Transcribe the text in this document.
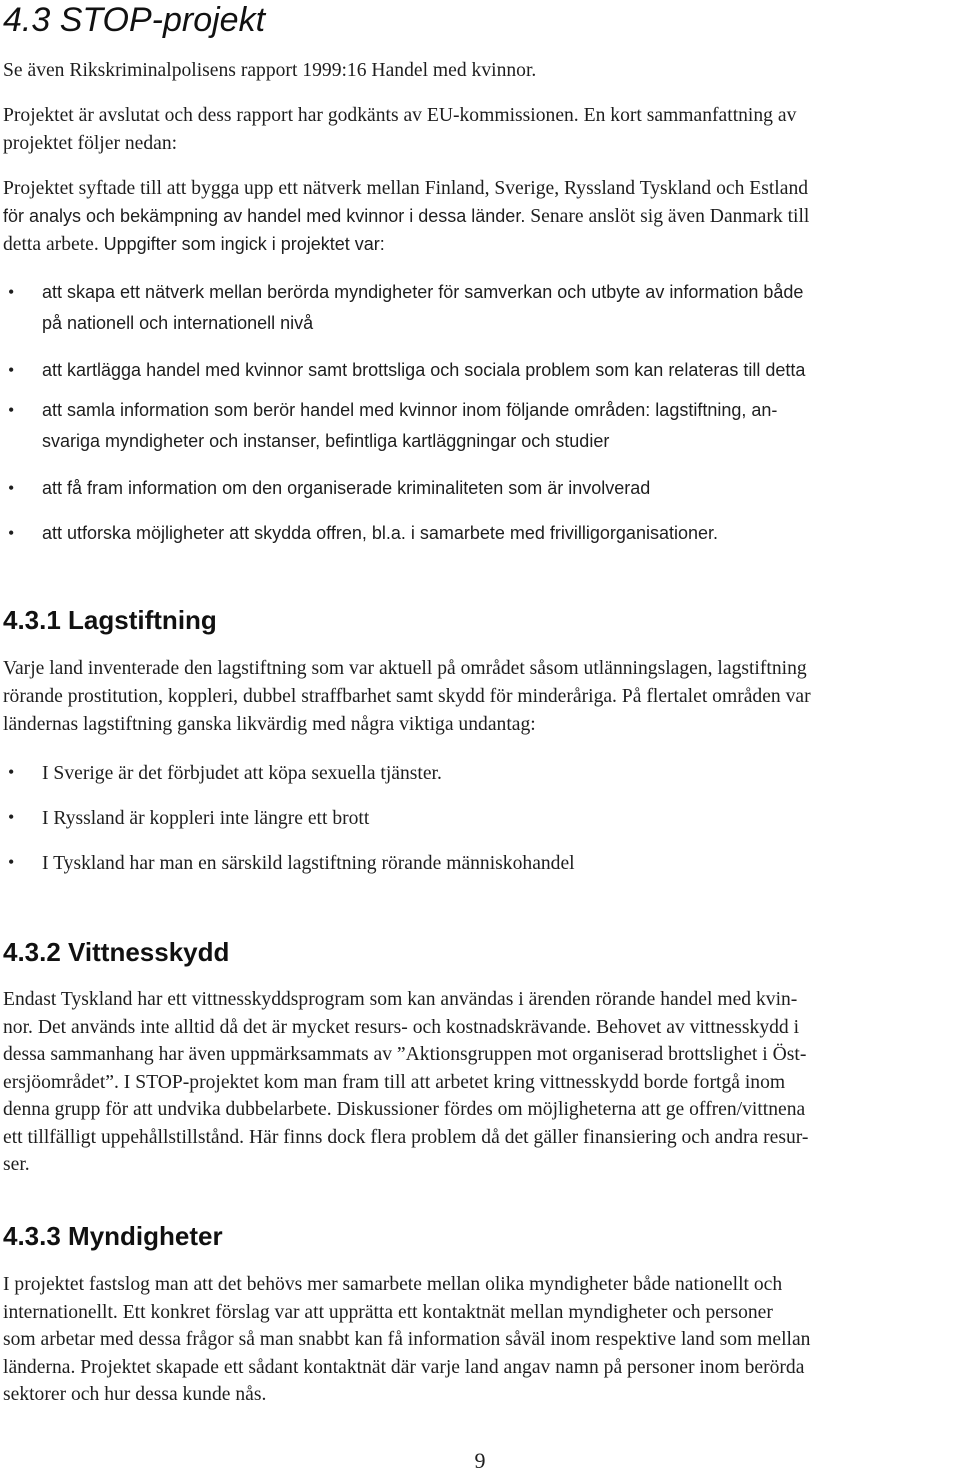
4.3 STOP-projekt
Se även Rikskriminalpolisens rapport 1999:16 Handel med kvinnor.
Projektet är avslutat och dess rapport har godkänts av EU-kommissionen. En kort sammanfattning av
projektet följer nedan:
Projektet syftade till att bygga upp ett nätverk mellan Finland, Sverige, Ryssland Tyskland och Estland
för analys och bekämpning av handel med kvinnor i dessa länder. Senare anslöt sig även Danmark till
detta arbete. Uppgifter som ingick i projektet var:
• att skapa ett nätverk mellan berörda myndigheter för samverkan och utbyte av information både
på nationell och internationell nivå
• att kartlägga handel med kvinnor samt brottsliga och sociala problem som kan relateras till detta
• att samla information som berör handel med kvinnor inom följande områden: lagstiftning, an-
svariga myndigheter och instanser, befintliga kartläggningar och studier
• att få fram information om den organiserade kriminaliteten som är involverad
• att utforska möjligheter att skydda offren, bl.a. i samarbete med frivilligorganisationer.
4.3.1 Lagstiftning
Varje land inventerade den lagstiftning som var aktuell på området såsom utlänningslagen, lagstiftning
rörande prostitution, koppleri, dubbel straffbarhet samt skydd för minderåriga. På flertalet områden var
ländernas lagstiftning ganska likvärdig med några viktiga undantag:
• I Sverige är det förbjudet att köpa sexuella tjänster.
• I Ryssland är koppleri inte längre ett brott
• I Tyskland har man en särskild lagstiftning rörande människohandel
4.3.2 Vittnesskydd
Endast Tyskland har ett vittnesskyddsprogram som kan användas i ärenden rörande handel med kvin-
nor. Det används inte alltid då det är mycket resurs- och kostnadskrävande. Behovet av vittnesskydd i
dessa sammanhang har även uppmärksammats av ”Aktionsgruppen mot organiserad brottslighet i Öst-
ersjöområdet”. I STOP-projektet kom man fram till att arbetet kring vittnesskydd borde fortgå inom
denna grupp för att undvika dubbelarbete. Diskussioner fördes om möjligheterna att ge offren/vittnena
ett tillfälligt uppehållstillstånd. Här finns dock flera problem då det gäller finansiering och andra resur-
ser.
4.3.3 Myndigheter
I projektet fastslog man att det behövs mer samarbete mellan olika myndigheter både nationellt och
internationellt. Ett konkret förslag var att upprätta ett kontaktnät mellan myndigheter och personer
som arbetar med dessa frågor så man snabbt kan få information såväl inom respektive land som mellan
länderna. Projektet skapade ett sådant kontaktnät där varje land angav namn på personer inom berörda
sektorer och hur dessa kunde nås.
9
